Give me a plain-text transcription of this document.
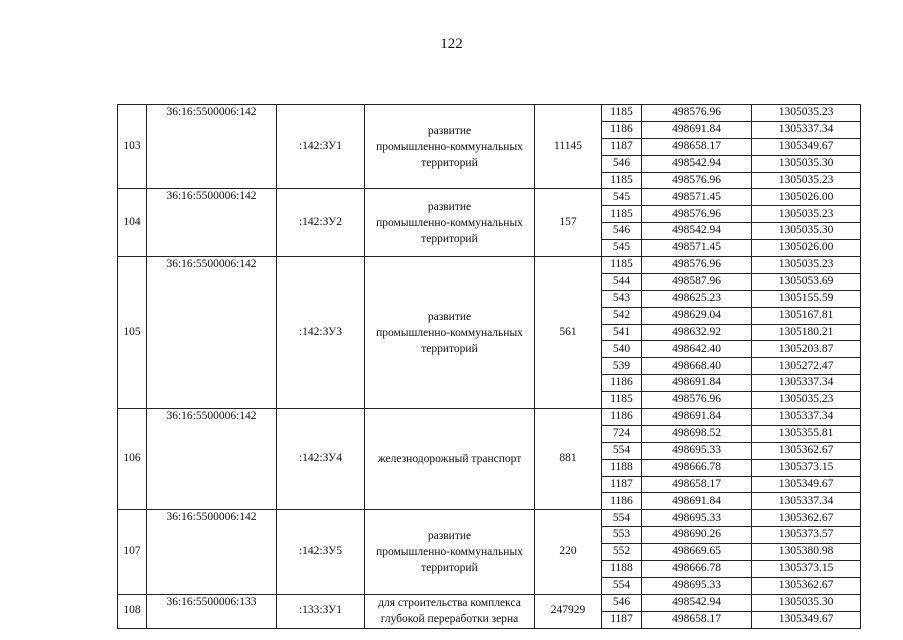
122
103	36:16:5500006:142	:142:ЗУ1	развитие
промышленно-коммунальных
территорий	11145	1185	498576.96	1305035.23
					1186	498691.84	1305337.34
					1187	498658.17	1305349.67
					546	498542.94	1305035.30
					1185	498576.96	1305035.23
104	36:16:5500006:142	:142:ЗУ2	развитие
промышленно-коммунальных
территорий	157	545	498571.45	1305026.00
					1185	498576.96	1305035.23
					546	498542.94	1305035.30
					545	498571.45	1305026.00
105	36:16:5500006:142	:142:ЗУ3	развитие
промышленно-коммунальных
территорий	561	1185	498576.96	1305035.23
					544	498587.96	1305053.69
					543	498625.23	1305155.59
					542	498629.04	1305167.81
					541	498632.92	1305180.21
					540	498642.40	1305203.87
					539	498668.40	1305272.47
					1186	498691.84	1305337.34
					1185	498576.96	1305035.23
106	36:16:5500006:142	:142:ЗУ4	железнодорожный транспорт	881	1186	498691.84	1305337.34
					724	498698.52	1305355.81
					554	498695.33	1305362.67
					1188	498666.78	1305373.15
					1187	498658.17	1305349.67
					1186	498691.84	1305337.34
107	36:16:5500006:142	:142:ЗУ5	развитие
промышленно-коммунальных
территорий	220	554	498695.33	1305362.67
					553	498690.26	1305373.57
					552	498669.65	1305380.98
					1188	498666.78	1305373.15
					554	498695.33	1305362.67
108	36:16:5500006:133	:133:ЗУ1	для строительства комплекса
глубокой переработки зерна	247929	546	498542.94	1305035.30
					1187	498658.17	1305349.67
